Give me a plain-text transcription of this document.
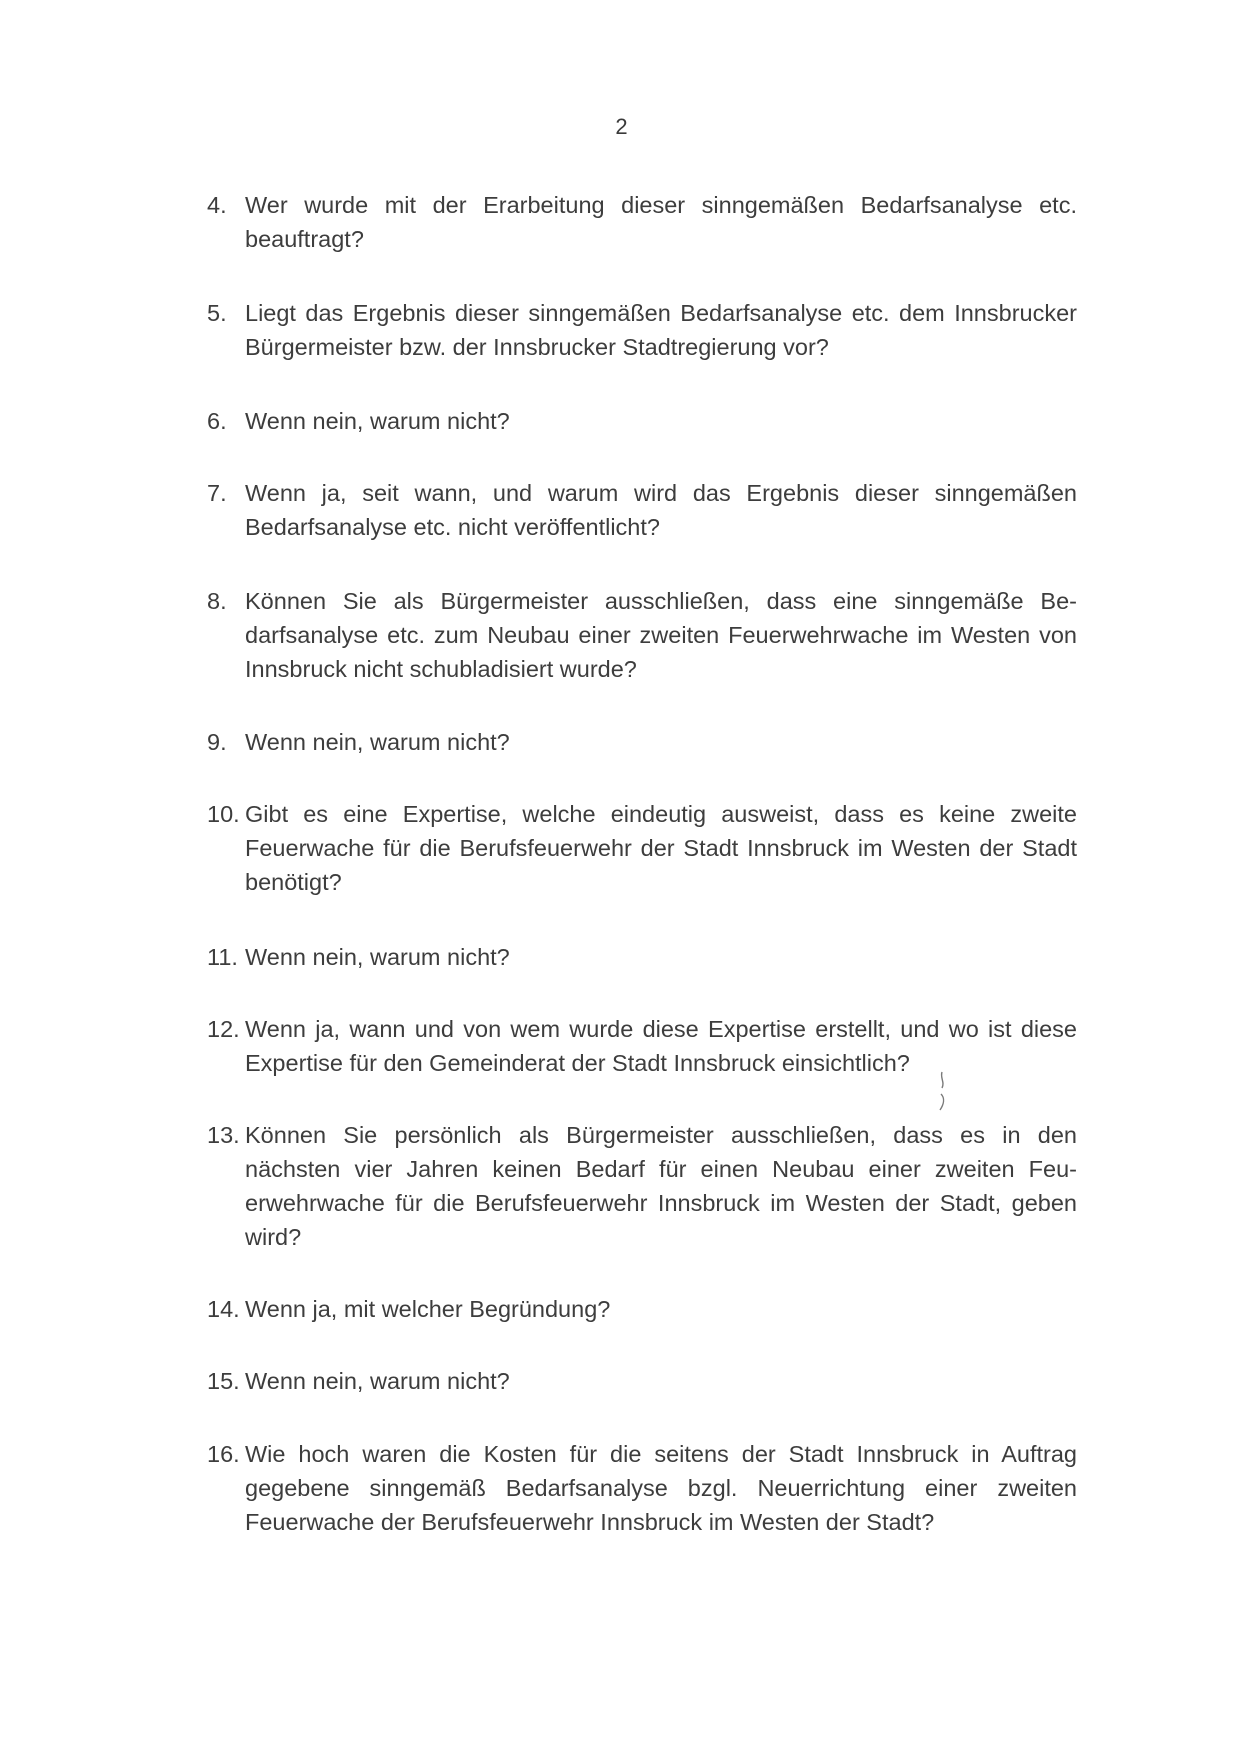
2
4. Wer wurde mit der Erarbeitung dieser sinngemäßen Bedarfsanalyse etc. beauftragt?
5. Liegt das Ergebnis dieser sinngemäßen Bedarfsanalyse etc. dem Innsbrucker Bürgermeister bzw. der Innsbrucker Stadtregierung vor?
6. Wenn nein, warum nicht?
7. Wenn ja, seit wann, und warum wird das Ergebnis dieser sinngemäßen Bedarfsanalyse etc. nicht veröffentlicht?
8. Können Sie als Bürgermeister ausschließen, dass eine sinngemäße Bedarfsanalyse etc. zum Neubau einer zweiten Feuerwehrwache im Westen von Innsbruck nicht schubladisiert wurde?
9. Wenn nein, warum nicht?
10. Gibt es eine Expertise, welche eindeutig ausweist, dass es keine zweite Feuerwache für die Berufsfeuerwehr der Stadt Innsbruck im Westen der Stadt benötigt?
11. Wenn nein, warum nicht?
12. Wenn ja, wann und von wem wurde diese Expertise erstellt, und wo ist diese Expertise für den Gemeinderat der Stadt Innsbruck einsichtlich?
13. Können Sie persönlich als Bürgermeister ausschließen, dass es in den nächsten vier Jahren keinen Bedarf für einen Neubau einer zweiten Feuerwehrwache für die Berufsfeuerwehr Innsbruck im Westen der Stadt, geben wird?
14. Wenn ja, mit welcher Begründung?
15. Wenn nein, warum nicht?
16. Wie hoch waren die Kosten für die seitens der Stadt Innsbruck in Auftrag gegebene sinngemäß Bedarfsanalyse bzgl. Neuerrichtung einer zweiten Feuerwache der Berufsfeuerwehr Innsbruck im Westen der Stadt?
